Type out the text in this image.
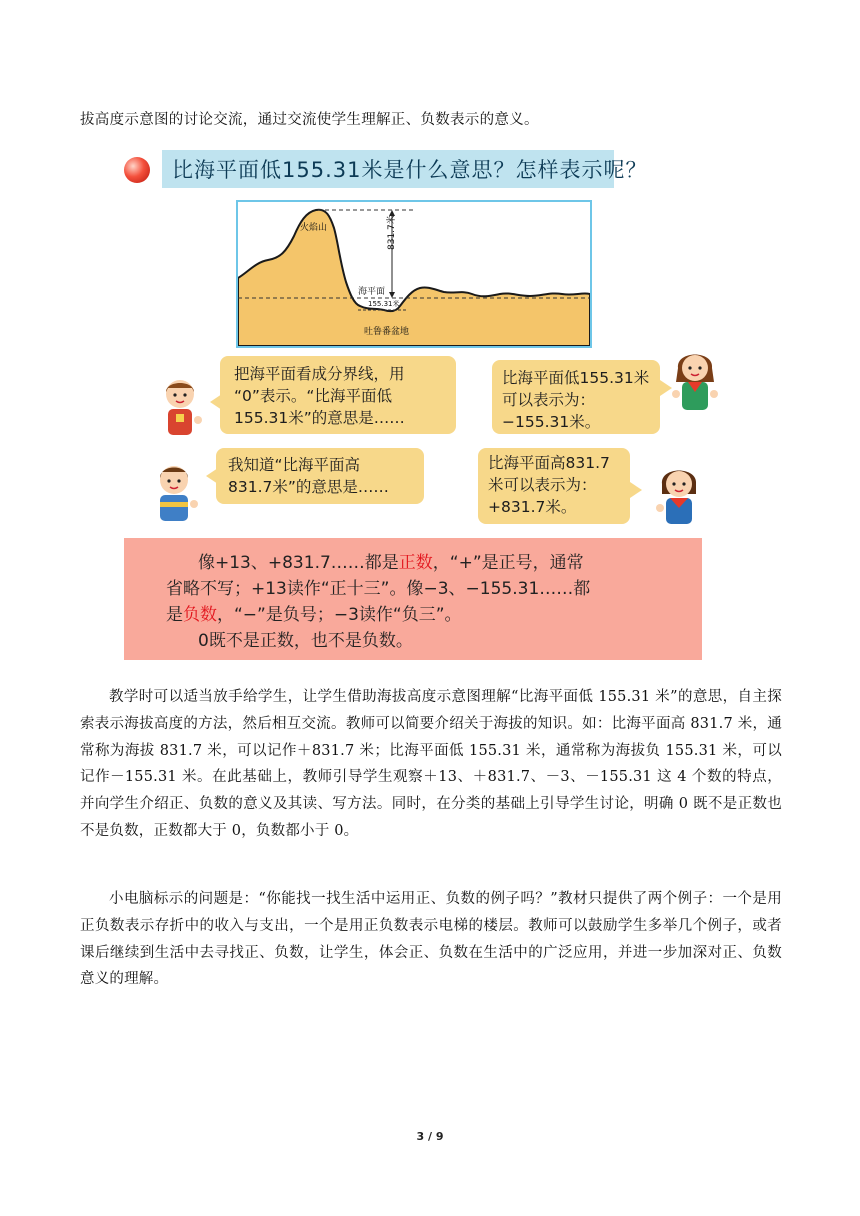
拔高度示意图的讨论交流，通过交流使学生理解正、负数表示的意义。
比海平面低155.31米是什么意思？怎样表示呢？
火焰山	831.7米
海平面
155.31米
吐鲁番盆地
把海平面看成分界线，用
“0”表示。“比海平面低
155.31米”的意思是……
比海平面低155.31米
可以表示为：
−155.31米。
我知道“比海平面高
831.7米”的意思是……
比海平面高831.7
米可以表示为：
+831.7米。
像+13、+831.7……都是正数，“+”是正号，通常
省略不写；+13读作“正十三”。像−3、−155.31……都
是负数，“−”是负号；−3读作“负三”。
0既不是正数，也不是负数。
教学时可以适当放手给学生，让学生借助海拔高度示意图理解“比海平面低 155.31 米”的意思，自主探索表示海拔高度的方法，然后相互交流。教师可以简要介绍关于海拔的知识。如：比海平面高 831.7 米，通常称为海拔 831.7 米，可以记作＋831.7 米；比海平面低 155.31 米，通常称为海拔负 155.31 米，可以记作－155.31 米。在此基础上，教师引导学生观察＋13、＋831.7、－3、－155.31 这 4 个数的特点，并向学生介绍正、负数的意义及其读、写方法。同时，在分类的基础上引导学生讨论，明确 0 既不是正数也不是负数，正数都大于 0，负数都小于 0。
小电脑标示的问题是：“你能找一找生活中运用正、负数的例子吗？”教材只提供了两个例子：一个是用正负数表示存折中的收入与支出，一个是用正负数表示电梯的楼层。教师可以鼓励学生多举几个例子，或者课后继续到生活中去寻找正、负数，让学生，体会正、负数在生活中的广泛应用，并进一步加深对正、负数意义的理解。
3 / 9
